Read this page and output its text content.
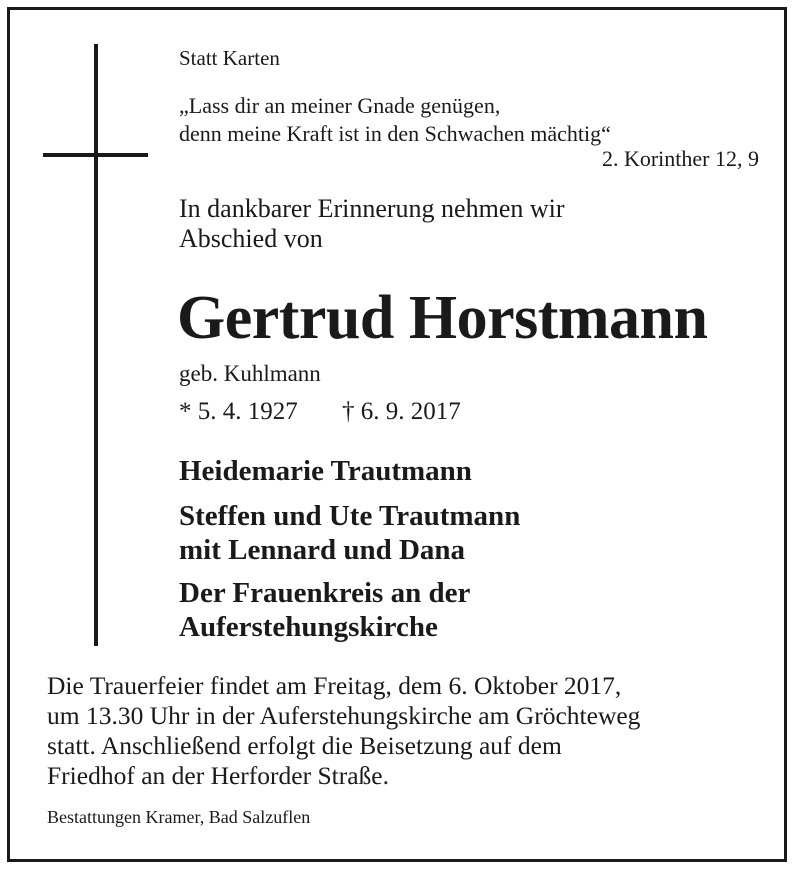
Statt Karten

„Lass dir an meiner Gnade genügen,
denn meine Kraft ist in den Schwachen mächtig“

2. Korinther 12, 9

In dankbarer Erinnerung nehmen wir
Abschied von
Gertrud Horstmann

geb. Kuhlmann

* 5. 4. 1927 † 6. 9. 2017

Heidemarie Trautmann
Steffen und Ute Trautmann
mit Lennard und Dana
Der Frauenkreis an der
Auferstehungskirche
Die Trauerfeier findet am Freitag, dem 6. Oktober 2017,
um 13.30 Uhr in der Auferstehungskirche am Gröchteweg
statt. Anschließend erfolgt die Beisetzung auf dem
Friedhof an der Herforder Straße.

Bestattungen Kramer, Bad Salzuflen
